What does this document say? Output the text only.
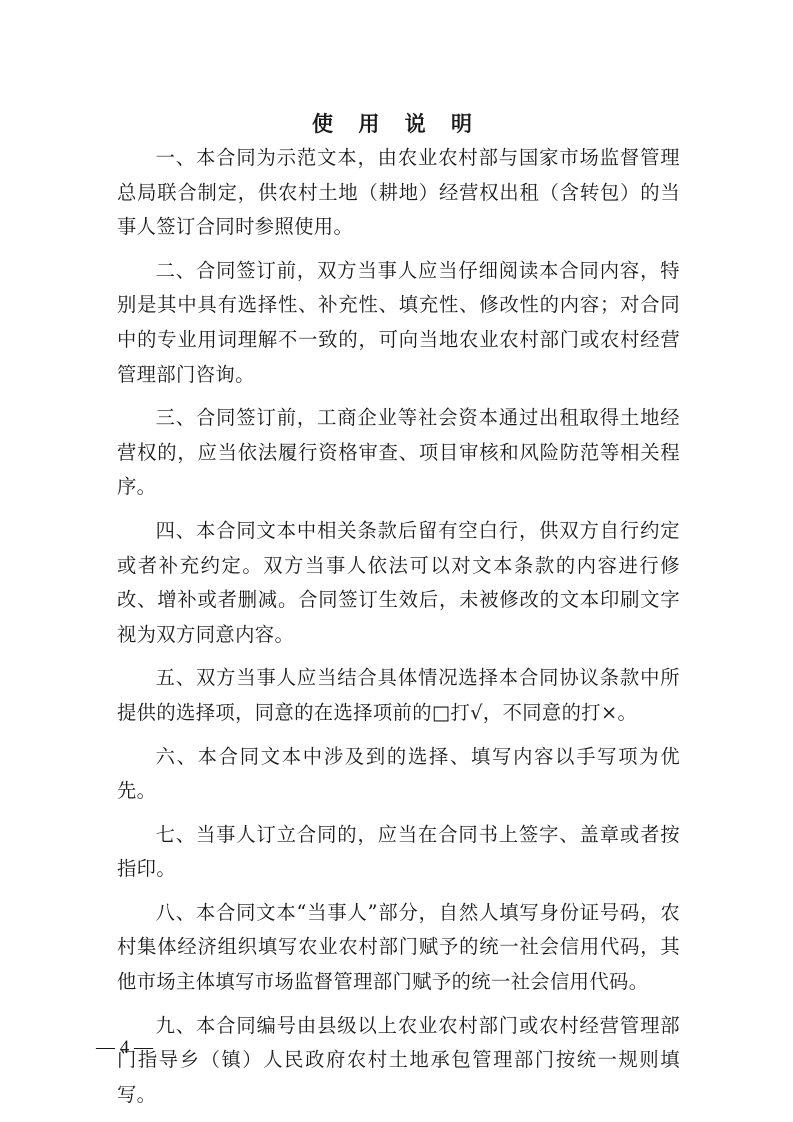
使 用 说 明

一、本合同为示范文本，由农业农村部与国家市场监督管理总局联合制定，供农村土地（耕地）经营权出租（含转包）的当事人签订合同时参照使用。

二、合同签订前，双方当事人应当仔细阅读本合同内容，特别是其中具有选择性、补充性、填充性、修改性的内容；对合同中的专业用词理解不一致的，可向当地农业农村部门或农村经营管理部门咨询。

三、合同签订前，工商企业等社会资本通过出租取得土地经营权的，应当依法履行资格审查、项目审核和风险防范等相关程序。

四、本合同文本中相关条款后留有空白行，供双方自行约定或者补充约定。双方当事人依法可以对文本条款的内容进行修改、增补或者删减。合同签订生效后，未被修改的文本印刷文字视为双方同意内容。

五、双方当事人应当结合具体情况选择本合同协议条款中所提供的选择项，同意的在选择项前的□打√，不同意的打×。

六、本合同文本中涉及到的选择、填写内容以手写项为优先。

七、当事人订立合同的，应当在合同书上签字、盖章或者按指印。

八、本合同文本“当事人”部分，自然人填写身份证号码，农村集体经济组织填写农业农村部门赋予的统一社会信用代码，其他市场主体填写市场监督管理部门赋予的统一社会信用代码。

九、本合同编号由县级以上农业农村部门或农村经营管理部门指导乡（镇）人民政府农村土地承包管理部门按统一规则填写。

— 4 —
